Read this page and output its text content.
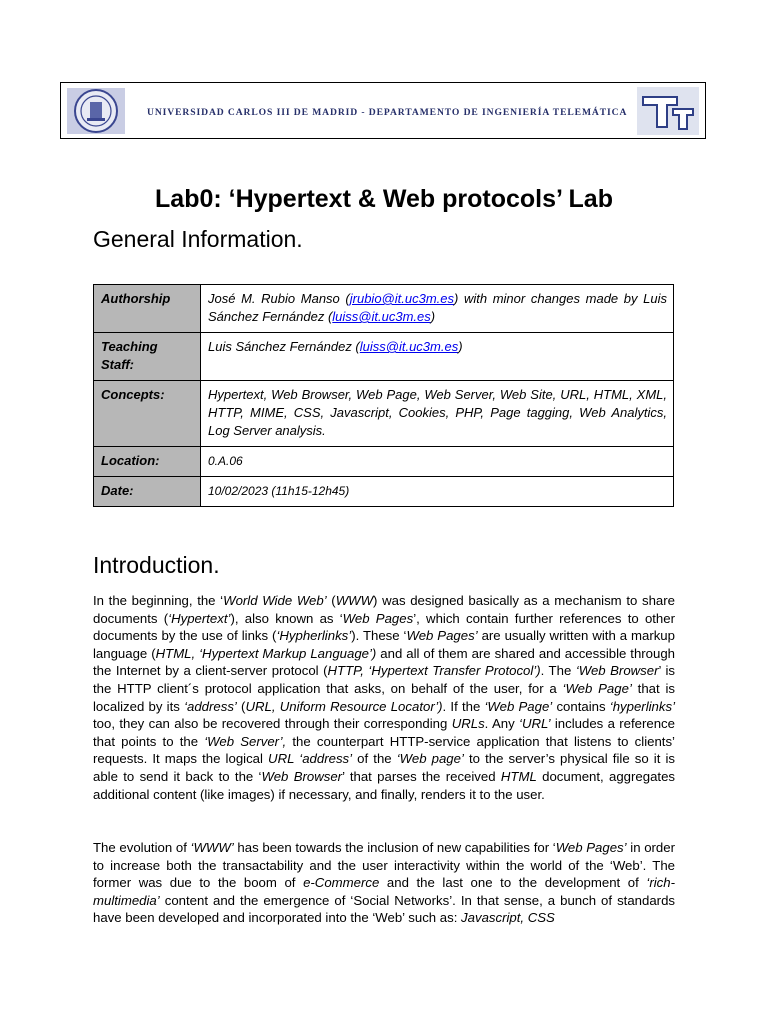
UNIVERSIDAD CARLOS III DE MADRID - DEPARTAMENTO DE INGENIERÍA TELEMÁTICA
Lab0: ‘Hypertext & Web protocols’ Lab
General Information.
Authorship	José M. Rubio Manso (jrubio@it.uc3m.es) with minor changes made by Luis Sánchez Fernández (luiss@it.uc3m.es)
Teaching Staff:	Luis Sánchez Fernández (luiss@it.uc3m.es)
Concepts:	Hypertext, Web Browser, Web Page, Web Server, Web Site, URL, HTML, XML, HTTP, MIME, CSS, Javascript, Cookies, PHP, Page tagging, Web Analytics, Log Server analysis.
Location:	0.A.06
Date:	10/02/2023 (11h15-12h45)
Introduction.

In the beginning, the ‘World Wide Web’ (WWW) was designed basically as a mechanism to share documents (‘Hypertext’), also known as ‘Web Pages’, which contain further references to other documents by the use of links (‘Hypherlinks’). These ‘Web Pages’ are usually written with a markup language (HTML, ‘Hypertext Markup Language’) and all of them are shared and accessible through the Internet by a client-server protocol (HTTP, ‘Hypertext Transfer Protocol’). The ‘Web Browser’ is the HTTP client´s protocol application that asks, on behalf of the user, for a ‘Web Page’ that is localized by its ‘address’ (URL, Uniform Resource Locator’). If the ‘Web Page’ contains ‘hyperlinks’ too, they can also be recovered through their corresponding URLs. Any ‘URL’ includes a reference that points to the ‘Web Server’, the counterpart HTTP-service application that listens to clients’ requests. It maps the logical URL ‘address’ of the ‘Web page’ to the server’s physical file so it is able to send it back to the ‘Web Browser’ that parses the received HTML document, aggregates additional content (like images) if necessary, and finally, renders it to the user.

The evolution of ‘WWW’ has been towards the inclusion of new capabilities for ‘Web Pages’ in order to increase both the transactability and the user interactivity within the world of the ‘Web’. The former was due to the boom of e-Commerce and the last one to the development of ‘rich-multimedia’ content and the emergence of ‘Social Networks’. In that sense, a bunch of standards have been developed and incorporated into the ‘Web’ such as: Javascript, CSS
